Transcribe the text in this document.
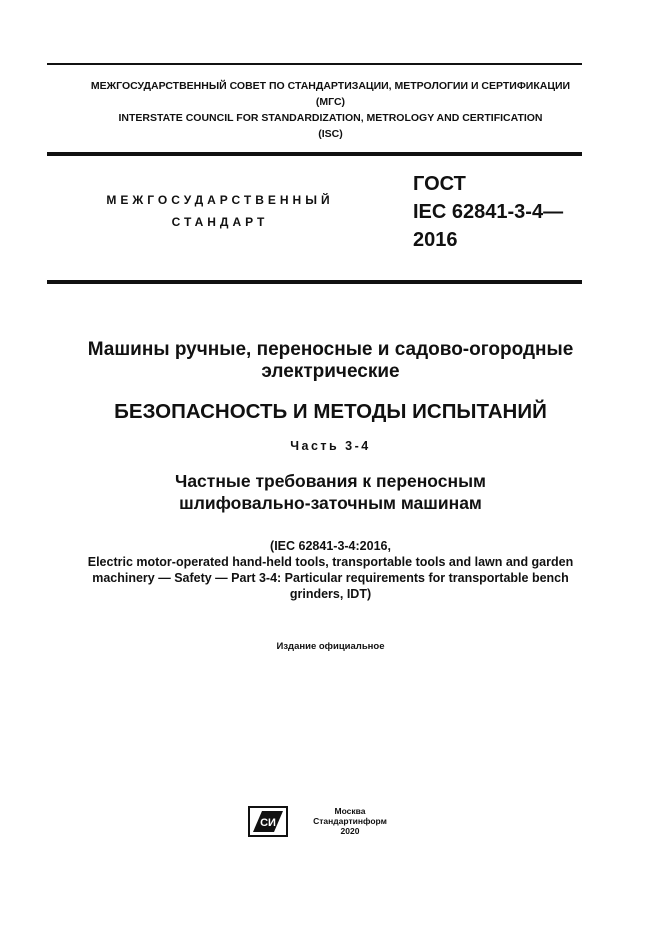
МЕЖГОСУДАРСТВЕННЫЙ СОВЕТ ПО СТАНДАРТИЗАЦИИ, МЕТРОЛОГИИ И СЕРТИФИКАЦИИ
(МГС)
INTERSTATE COUNCIL FOR STANDARDIZATION, METROLOGY AND CERTIFICATION
(ISC)
МЕЖГОСУДАРСТВЕННЫЙ
СТАНДАРТ
ГОСТ
IEC 62841-3-4—
2016
Машины ручные, переносные и садово-огородные
электрические
БЕЗОПАСНОСТЬ И МЕТОДЫ ИСПЫТАНИЙ
Часть 3-4
Частные требования к переносным
шлифовально-заточным машинам
(IEC 62841-3-4:2016,
Electric motor-operated hand-held tools, transportable tools and lawn and garden
machinery — Safety — Part 3-4: Particular requirements for transportable bench
grinders, IDT)
Издание официальное
СИ
Москва
Стандартинформ
2020
